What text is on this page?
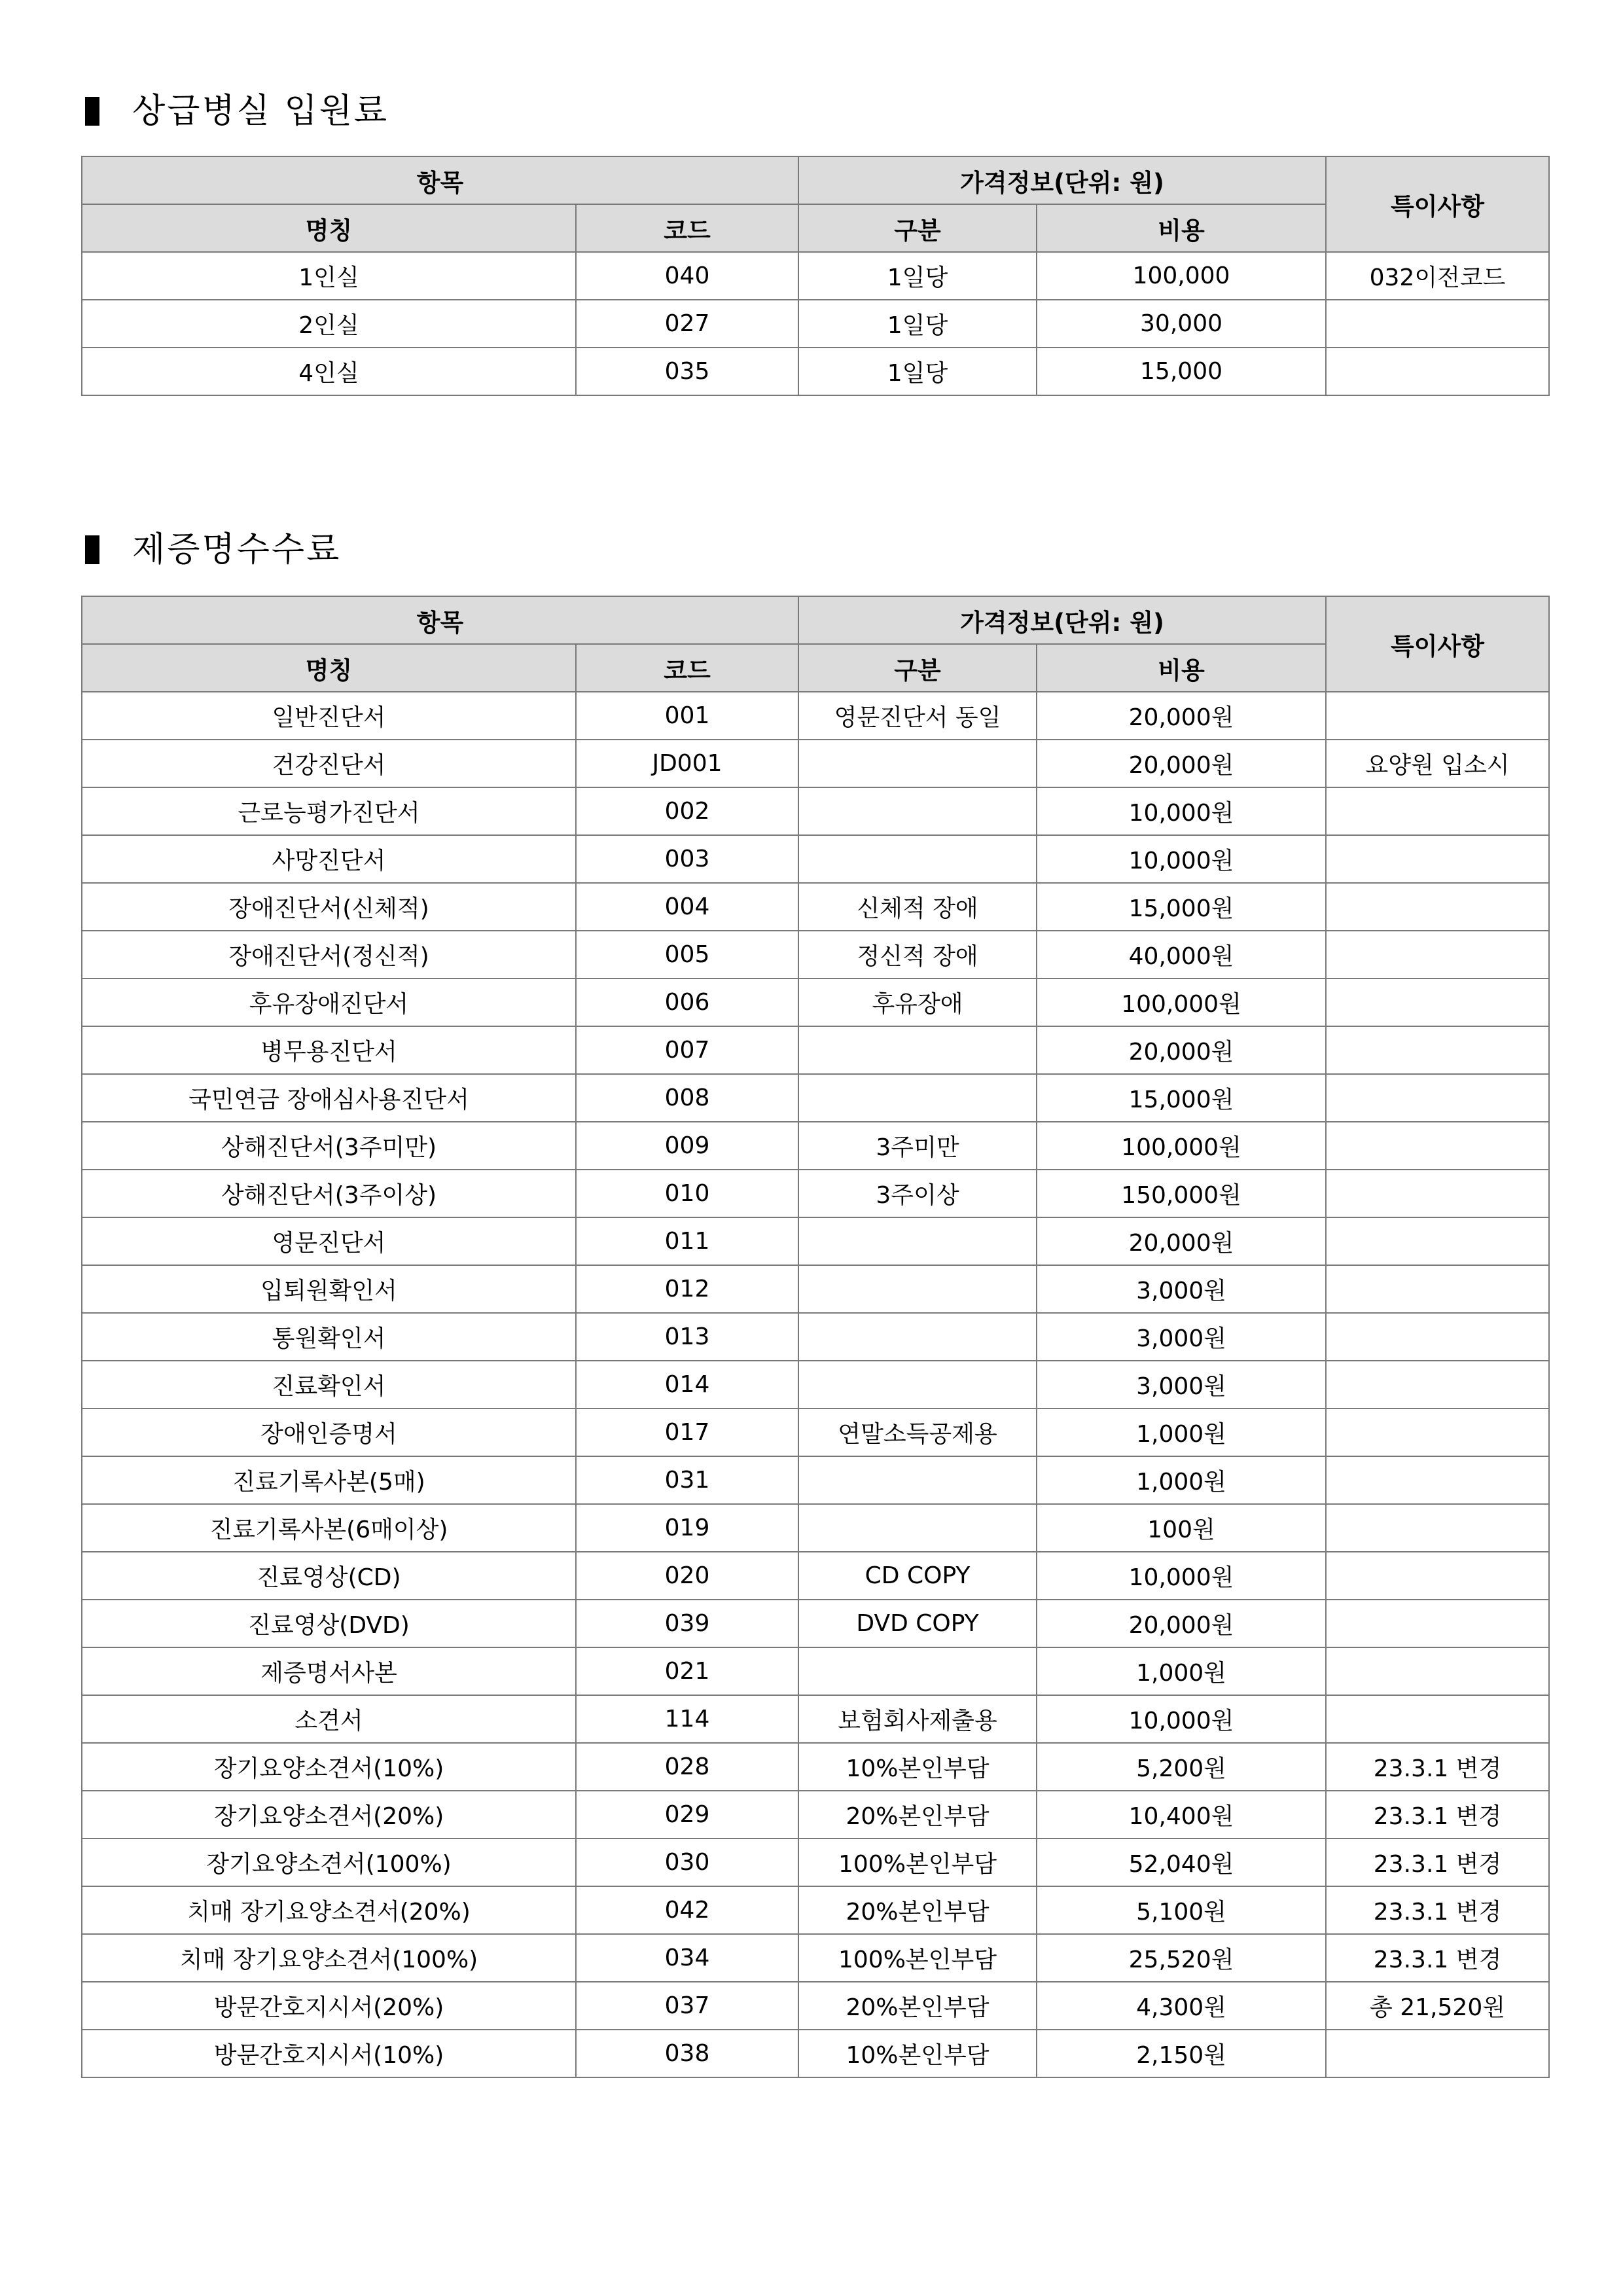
상급병실 입원료
항목		가격정보(단위: 원)		특이사항
명칭	코드	구분	비용	
1인실	040	1일당	100,000	032이전코드
2인실	027	1일당	30,000	
4인실	035	1일당	15,000	
제증명수수료
항목		가격정보(단위: 원)		특이사항
명칭	코드	구분	비용	
일반진단서	001	영문진단서 동일	20,000원	
건강진단서	JD001		20,000원	요양원 입소시
근로능평가진단서	002		10,000원	
사망진단서	003		10,000원	
장애진단서(신체적)	004	신체적 장애	15,000원	
장애진단서(정신적)	005	정신적 장애	40,000원	
후유장애진단서	006	후유장애	100,000원	
병무용진단서	007		20,000원	
국민연금 장애심사용진단서	008		15,000원	
상해진단서(3주미만)	009	3주미만	100,000원	
상해진단서(3주이상)	010	3주이상	150,000원	
영문진단서	011		20,000원	
입퇴원확인서	012		3,000원	
통원확인서	013		3,000원	
진료확인서	014		3,000원	
장애인증명서	017	연말소득공제용	1,000원	
진료기록사본(5매)	031		1,000원	
진료기록사본(6매이상)	019		100원	
진료영상(CD)	020	CD COPY	10,000원	
진료영상(DVD)	039	DVD COPY	20,000원	
제증명서사본	021		1,000원	
소견서	114	보험회사제출용	10,000원	
장기요양소견서(10%)	028	10%본인부담	5,200원	23.3.1 변경
장기요양소견서(20%)	029	20%본인부담	10,400원	23.3.1 변경
장기요양소견서(100%)	030	100%본인부담	52,040원	23.3.1 변경
치매 장기요양소견서(20%)	042	20%본인부담	5,100원	23.3.1 변경
치매 장기요양소견서(100%)	034	100%본인부담	25,520원	23.3.1 변경
방문간호지시서(20%)	037	20%본인부담	4,300원	총 21,520원
방문간호지시서(10%)	038	10%본인부담	2,150원	
